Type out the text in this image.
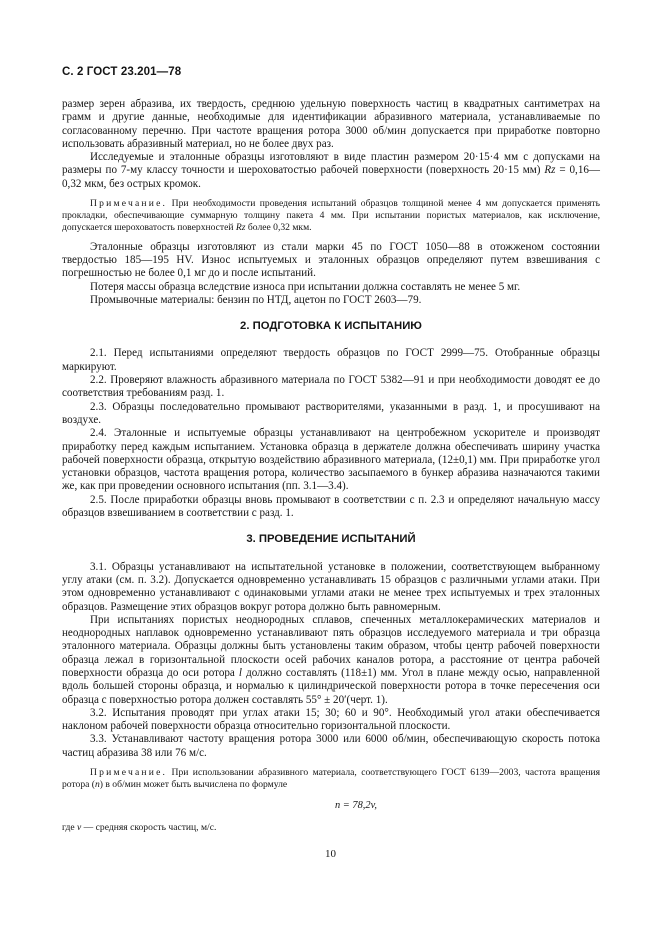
С. 2 ГОСТ 23.201—78

размер зерен абразива, их твердость, среднюю удельную поверхность частиц в квадратных сантиметрах на грамм и другие данные, необходимые для идентификации абразивного материала, устанавливаемые по согласованному перечню. При частоте вращения ротора 3000 об/мин допускается при приработке повторно использовать абразивный материал, но не более двух раз.

Исследуемые и эталонные образцы изготовляют в виде пластин размером 20·15·4 мм с допусками на размеры по 7-му классу точности и шероховатостью рабочей поверхности (поверхность 20·15 мм) Rz = 0,16—0,32 мкм, без острых кромок.

Примечание. При необходимости проведения испытаний образцов толщиной менее 4 мм допускается применять прокладки, обеспечивающие суммарную толщину пакета 4 мм. При испытании пористых материалов, как исключение, допускается шероховатость поверхностей Rz более 0,32 мкм.

Эталонные образцы изготовляют из стали марки 45 по ГОСТ 1050—88 в отожженом состоянии твердостью 185—195 HV. Износ испытуемых и эталонных образцов определяют путем взвешивания с погрешностью не более 0,1 мг до и после испытаний.

Потеря массы образца вследствие износа при испытании должна составлять не менее 5 мг.

Промывочные материалы: бензин по НТД, ацетон по ГОСТ 2603—79.

2. ПОДГОТОВКА К ИСПЫТАНИЮ

2.1. Перед испытаниями определяют твердость образцов по ГОСТ 2999—75. Отобранные образцы маркируют.

2.2. Проверяют влажность абразивного материала по ГОСТ 5382—91 и при необходимости доводят ее до соответствия требованиям разд. 1.

2.3. Образцы последовательно промывают растворителями, указанными в разд. 1, и просушивают на воздухе.

2.4. Эталонные и испытуемые образцы устанавливают на центробежном ускорителе и производят приработку перед каждым испытанием. Установка образца в держателе должна обеспечивать ширину участка рабочей поверхности образца, открытую воздействию абразивного материала, (12±0,1) мм. При приработке угол установки образцов, частота вращения ротора, количество засыпаемого в бункер абразива назначаются такими же, как при проведении основного испытания (пп. 3.1—3.4).

2.5. После приработки образцы вновь промывают в соответствии с п. 2.3 и определяют начальную массу образцов взвешиванием в соответствии с разд. 1.

3. ПРОВЕДЕНИЕ ИСПЫТАНИЙ

3.1. Образцы устанавливают на испытательной установке в положении, соответствующем выбранному углу атаки (см. п. 3.2). Допускается одновременно устанавливать 15 образцов с различными углами атаки. При этом одновременно устанавливают с одинаковыми углами атаки не менее трех испытуемых и трех эталонных образцов. Размещение этих образцов вокруг ротора должно быть равномерным.

При испытаниях пористых неоднородных сплавов, спеченных металлокерамических материалов и неоднородных наплавок одновременно устанавливают пять образцов исследуемого материала и три образца эталонного материала. Образцы должны быть установлены таким образом, чтобы центр рабочей поверхности образца лежал в горизонтальной плоскости осей рабочих каналов ротора, а расстояние от центра рабочей поверхности образца до оси ротора l должно составлять (118±1) мм. Угол в плане между осью, направленной вдоль большей стороны образца, и нормалью к цилиндрической поверхности ротора в точке пересечения оси образца с поверхностью ротора должен составлять 55° ± 20′(черт. 1).

3.2. Испытания проводят при углах атаки 15; 30; 60 и 90°. Необходимый угол атаки обеспечивается наклоном рабочей поверхности образца относительно горизонтальной плоскости.

3.3. Устанавливают частоту вращения ротора 3000 или 6000 об/мин, обеспечивающую скорость потока частиц абразива 38 или 76 м/с.

Примечание. При использовании абразивного материала, соответствующего ГОСТ 6139—2003, частота вращения ротора (n) в об/мин может быть вычислена по формуле

n = 78,2v,

где v — средняя скорость частиц, м/с.

10
